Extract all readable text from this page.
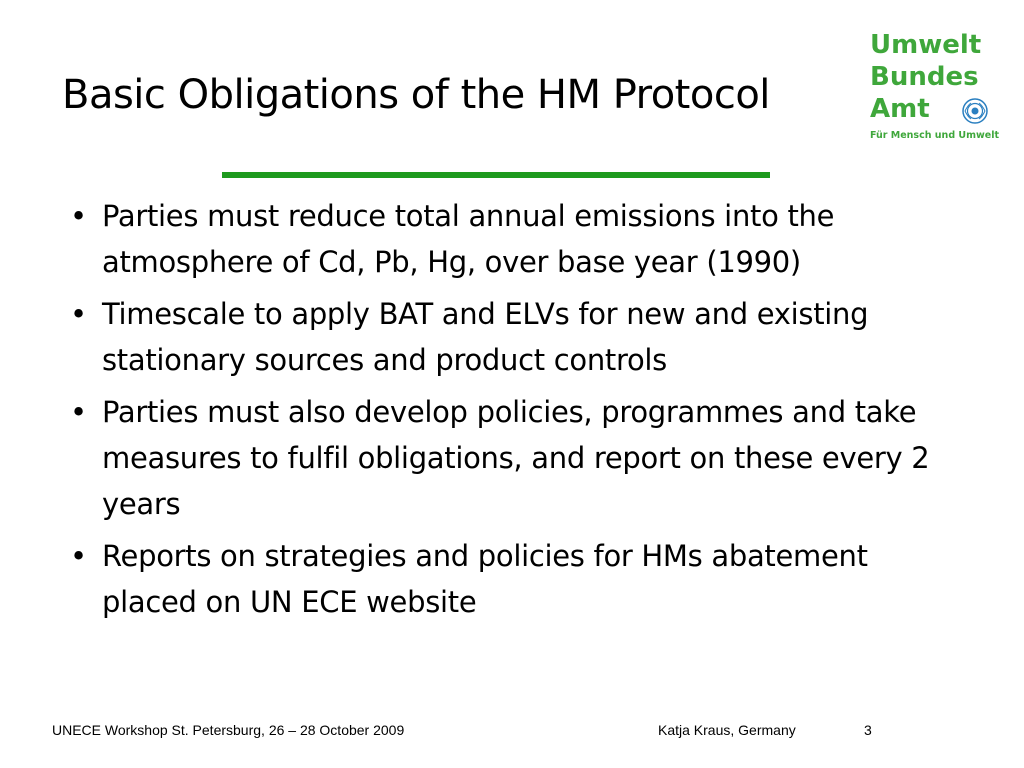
Basic Obligations of the HM Protocol
Umwelt
Bundes
Amt
Für Mensch und Umwelt
• Parties must reduce total annual emissions into the atmosphere of Cd, Pb, Hg, over base year (1990)
• Timescale to apply BAT and ELVs for new and existing stationary sources and product controls
• Parties must also develop policies, programmes and take measures to fulfil obligations, and report on these every 2 years
• Reports on strategies and policies for HMs abatement placed on UN ECE website
UNECE Workshop St. Petersburg, 26 – 28 October 2009	Katja Kraus, Germany	3
